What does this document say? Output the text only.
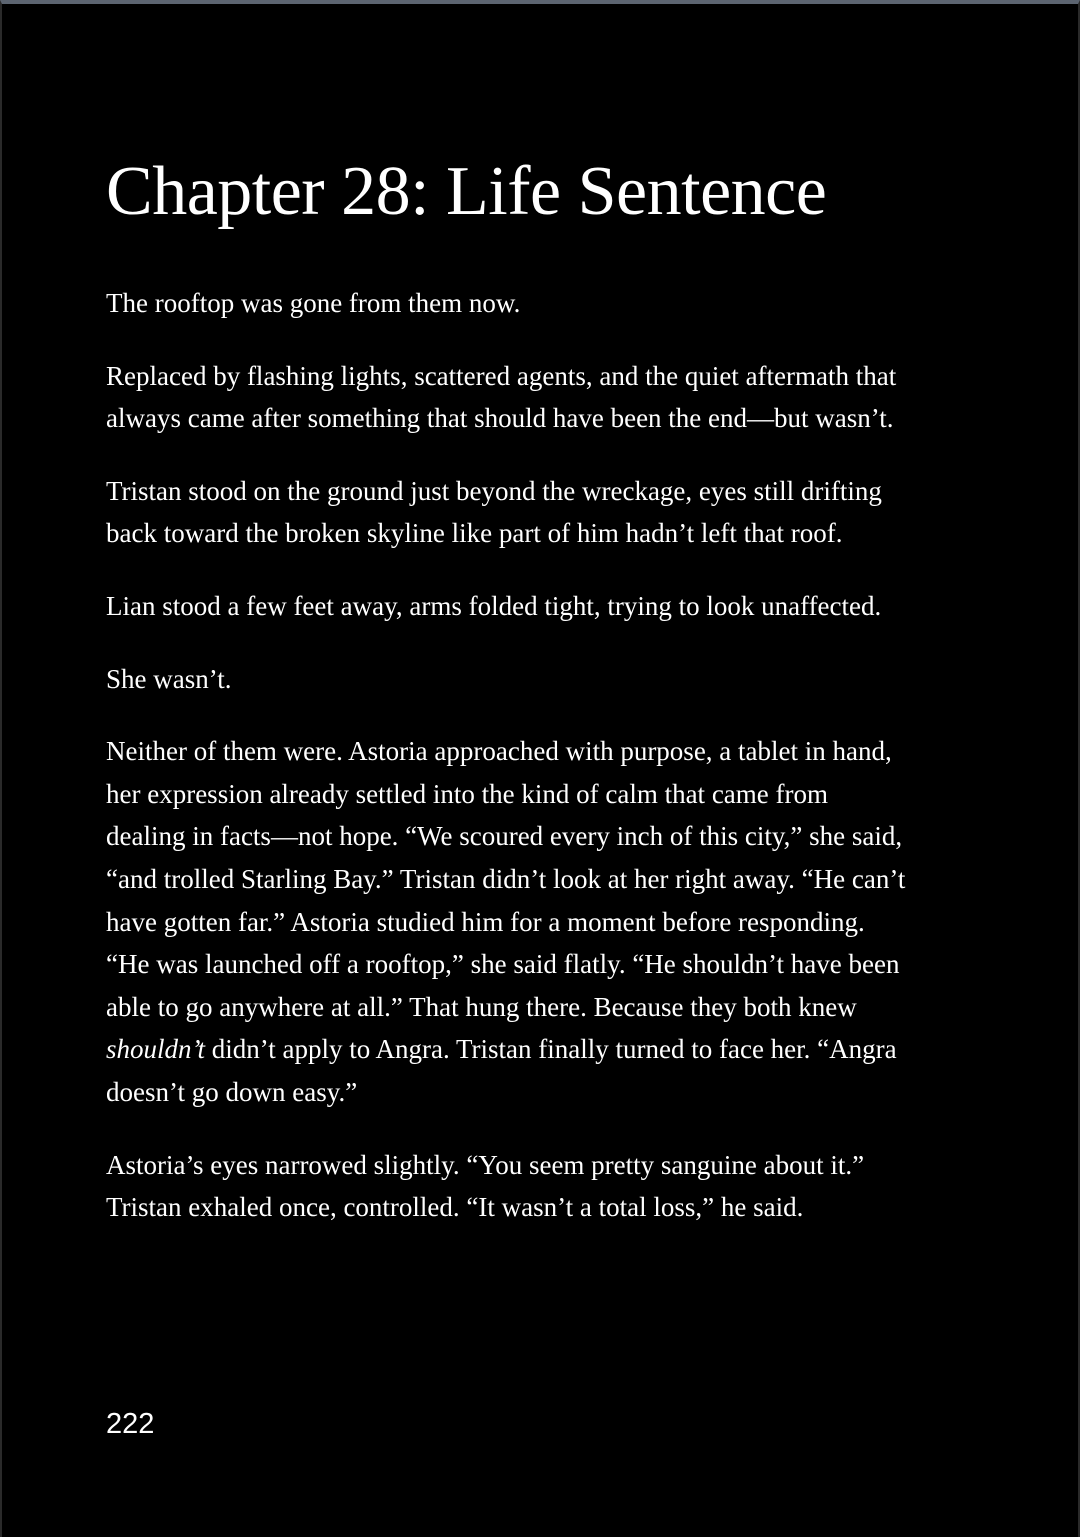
Chapter 28: Life Sentence

The rooftop was gone from them now.

Replaced by flashing lights, scattered agents, and the quiet aftermath that always came after something that should have been the end—but wasn’t.

Tristan stood on the ground just beyond the wreckage, eyes still drifting back toward the broken skyline like part of him hadn’t left that roof.

Lian stood a few feet away, arms folded tight, trying to look unaffected.

She wasn’t.

Neither of them were. Astoria approached with purpose, a tablet in hand, her expression already settled into the kind of calm that came from dealing in facts—not hope. “We scoured every inch of this city,” she said, “and trolled Starling Bay.” Tristan didn’t look at her right away. “He can’t have gotten far.” Astoria studied him for a moment before responding. “He was launched off a rooftop,” she said flatly. “He shouldn’t have been able to go anywhere at all.” That hung there. Because they both knew shouldn’t didn’t apply to Angra. Tristan finally turned to face her. “Angra doesn’t go down easy.”

Astoria’s eyes narrowed slightly. “You seem pretty sanguine about it.” Tristan exhaled once, controlled. “It wasn’t a total loss,” he said.

222
